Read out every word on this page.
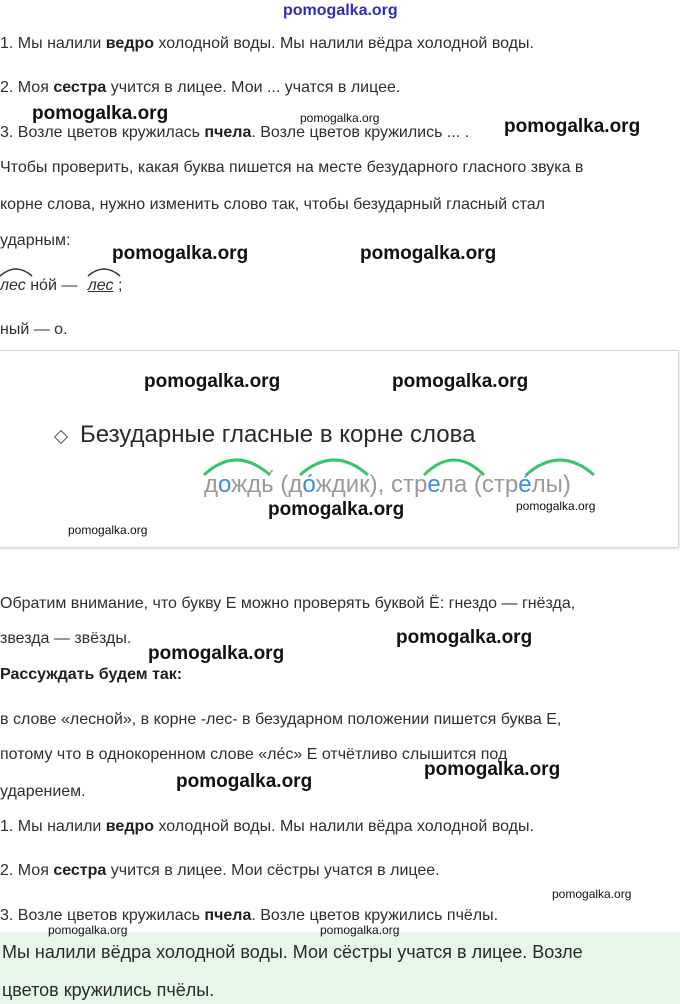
pomogalka.org
1. Мы налили ведро холодной воды. Мы налили вёдра холодной воды.
2. Моя сестра учится в лицее. Мои ... учатся в лицее.
3. Возле цветов кружилась пчела. Возле цветов кружились ... .
Чтобы проверить, какая буква пишется на месте безударного гласного звука в
корне слова, нужно изменить слово так, чтобы безударный гласный стал
ударным:
лес но́й — лес ;
ный — о.
Безударные гласные в корне слова
дождь́ (до́ждик), стрела (стре́лы)
Обратим внимание, что букву Е можно проверять буквой Ё: гнездо — гнёзда,
звезда — звёзды.
Рассуждать будем так:
в слове «лесной», в корне -лес- в безударном положении пишется буква Е,
потому что в однокоренном слове «ле́с» Е отчётливо слышится под
ударением.
1. Мы налили ведро холодной воды. Мы налили вёдра холодной воды.
2. Моя сестра учится в лицее. Мои сёстры учатся в лицее.
3. Возле цветов кружилась пчела. Возле цветов кружились пчёлы.
Мы налили вёдра холодной воды. Мои сёстры учатся в лицее. Возле
цветов кружились пчёлы.
pomogalka.org	pomogalka.org	pomogalka.org
pomogalka.org	pomogalka.org
pomogalka.org	pomogalka.org
pomogalka.org	pomogalka.org
pomogalka.org
pomogalka.org
pomogalka.org
pomogalka.org
pomogalka.org
pomogalka.org
pomogalka.org	pomogalka.org
